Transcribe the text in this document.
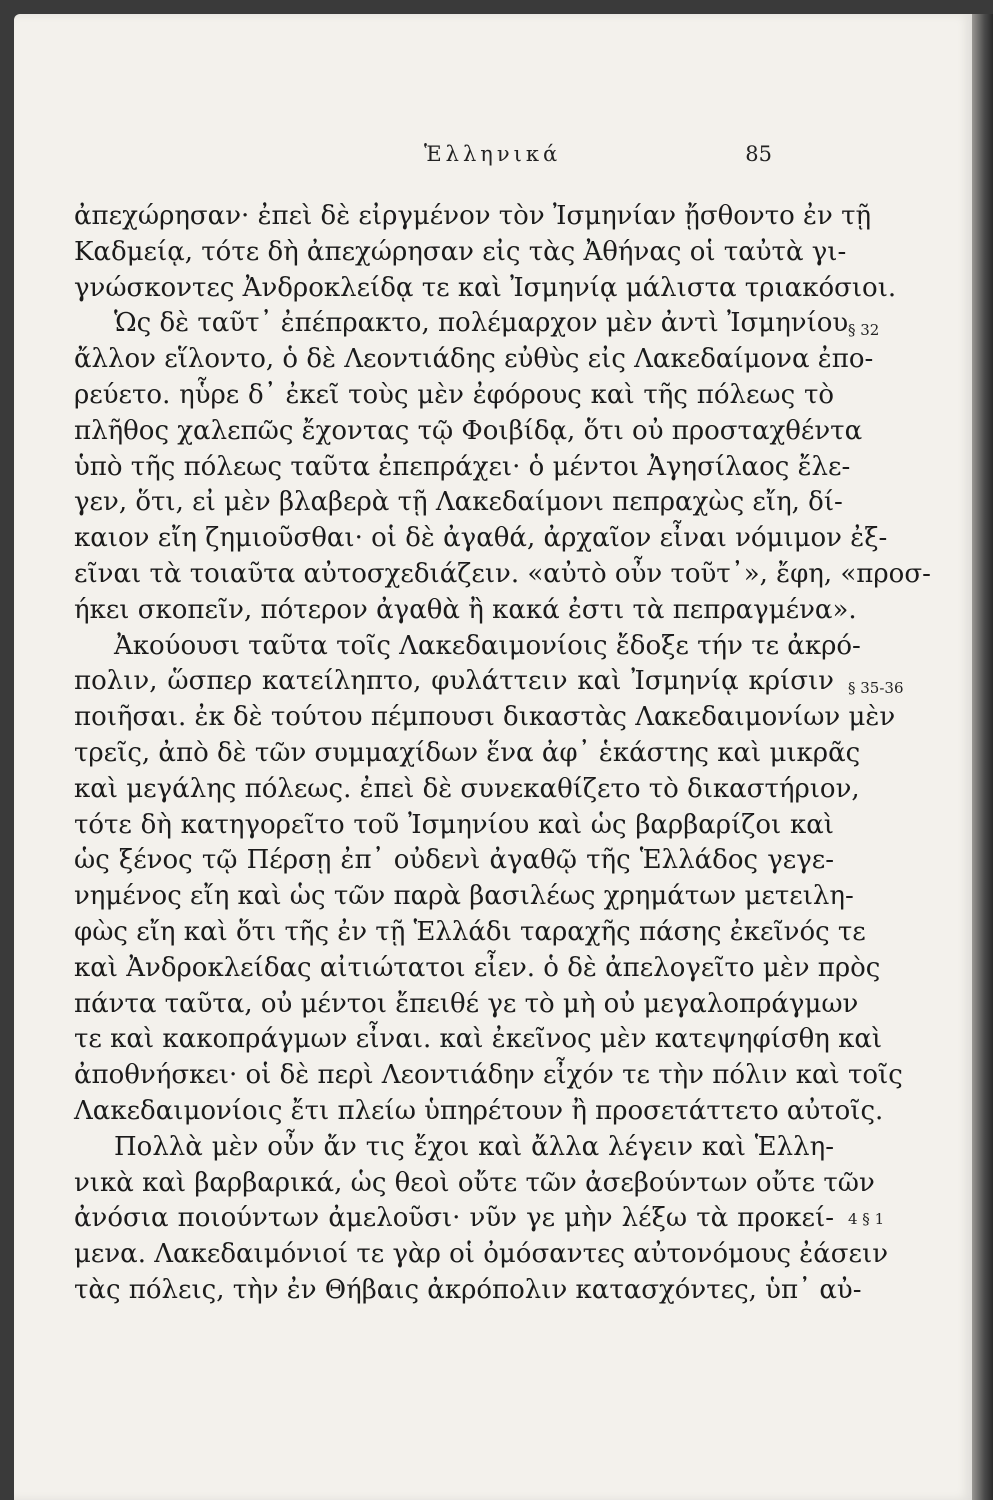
Ἑλληνικά	85
ἀπεχώρησαν· ἐπεὶ δὲ εἰργμένον τὸν Ἰσμηνίαν ᾔσθοντο ἐν τῇ
Καδμείᾳ, τότε δὴ ἀπεχώρησαν εἰς τὰς Ἀθήνας οἱ ταὐτὰ γι-
γνώσκοντες Ἀνδροκλείδᾳ τε καὶ Ἰσμηνίᾳ μάλιστα τριακόσιοι.
Ὡς δὲ ταῦτ᾽ ἐπέπρακτο, πολέμαρχον μὲν ἀντὶ Ἰσμηνίου
ἄλλον εἵλοντο, ὁ δὲ Λεοντιάδης εὐθὺς εἰς Λακεδαίμονα ἐπο-
ρεύετο. ηὗρε δ᾽ ἐκεῖ τοὺς μὲν ἐφόρους καὶ τῆς πόλεως τὸ
πλῆθος χαλεπῶς ἔχοντας τῷ Φοιβίδᾳ, ὅτι οὐ προσταχθέντα
ὑπὸ τῆς πόλεως ταῦτα ἐπεπράχει· ὁ μέντοι Ἀγησίλαος ἔλε-
γεν, ὅτι, εἰ μὲν βλαβερὰ τῇ Λακεδαίμονι πεπραχὼς εἴη, δί-
καιον εἴη ζημιοῦσθαι· οἱ δὲ ἀγαθά, ἀρχαῖον εἶναι νόμιμον ἐξ-
εῖναι τὰ τοιαῦτα αὐτοσχεδιάζειν. «αὐτὸ οὖν τοῦτ᾽», ἔφη, «προσ-
ήκει σκοπεῖν, πότερον ἀγαθὰ ἢ κακά ἐστι τὰ πεπραγμένα».
Ἀκούουσι ταῦτα τοῖς Λακεδαιμονίοις ἔδοξε τήν τε ἀκρό-
πολιν, ὥσπερ κατείληπτο, φυλάττειν καὶ Ἰσμηνίᾳ κρίσιν
ποιῆσαι. ἐκ δὲ τούτου πέμπουσι δικαστὰς Λακεδαιμονίων μὲν
τρεῖς, ἀπὸ δὲ τῶν συμμαχίδων ἕνα ἀφ᾽ ἑκάστης καὶ μικρᾶς
καὶ μεγάλης πόλεως. ἐπεὶ δὲ συνεκαθίζετο τὸ δικαστήριον,
τότε δὴ κατηγορεῖτο τοῦ Ἰσμηνίου καὶ ὡς βαρβαρίζοι καὶ
ὡς ξένος τῷ Πέρσῃ ἐπ᾽ οὐδενὶ ἀγαθῷ τῆς Ἑλλάδος γεγε-
νημένος εἴη καὶ ὡς τῶν παρὰ βασιλέως χρημάτων μετειλη-
φὼς εἴη καὶ ὅτι τῆς ἐν τῇ Ἑλλάδι ταραχῆς πάσης ἐκεῖνός τε
καὶ Ἀνδροκλείδας αἰτιώτατοι εἶεν. ὁ δὲ ἀπελογεῖτο μὲν πρὸς
πάντα ταῦτα, οὐ μέντοι ἔπειθέ γε τὸ μὴ οὐ μεγαλοπράγμων
τε καὶ κακοπράγμων εἶναι. καὶ ἐκεῖνος μὲν κατεψηφίσθη καὶ
ἀποθνήσκει· οἱ δὲ περὶ Λεοντιάδην εἶχόν τε τὴν πόλιν καὶ τοῖς
Λακεδαιμονίοις ἔτι πλείω ὑπηρέτουν ἢ προσετάττετο αὐτοῖς.
Πολλὰ μὲν οὖν ἄν τις ἔχοι καὶ ἄλλα λέγειν καὶ Ἑλλη-
νικὰ καὶ βαρβαρικά, ὡς θεοὶ οὔτε τῶν ἀσεβούντων οὔτε τῶν
ἀνόσια ποιούντων ἀμελοῦσι· νῦν γε μὴν λέξω τὰ προκεί-
μενα. Λακεδαιμόνιοί τε γὰρ οἱ ὀμόσαντες αὐτονόμους ἐάσειν
τὰς πόλεις, τὴν ἐν Θήβαις ἀκρόπολιν κατασχόντες, ὑπ᾽ αὐ-
§ 32
§ 35-36
4 § 1
